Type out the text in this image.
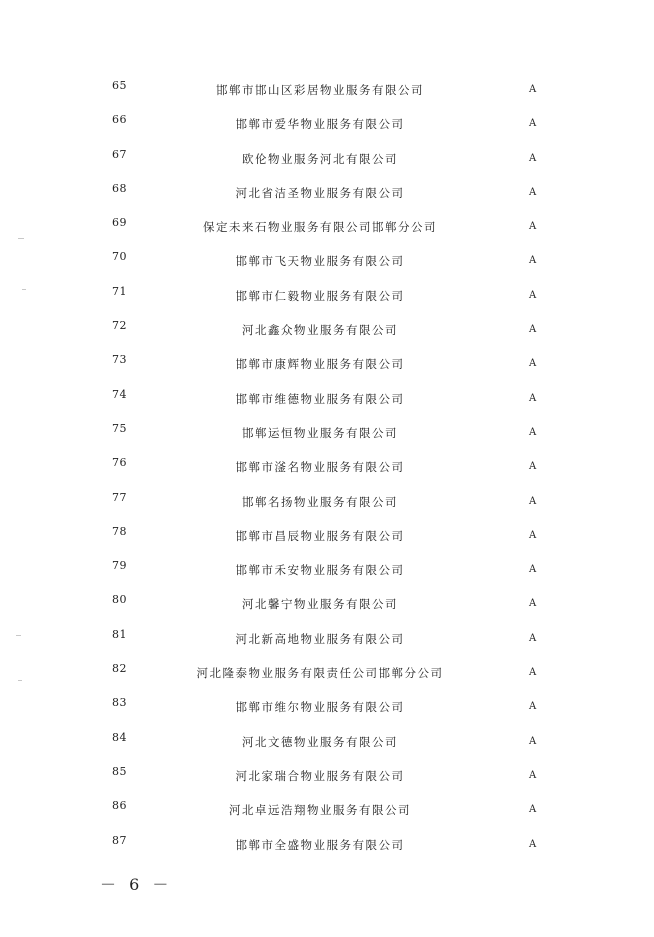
65	邯郸市邯山区彩居物业服务有限公司	A
66	邯郸市爱华物业服务有限公司	A
67	欧伦物业服务河北有限公司	A
68	河北省洁圣物业服务有限公司	A
69	保定未来石物业服务有限公司邯郸分公司	A
70	邯郸市飞天物业服务有限公司	A
71	邯郸市仁毅物业服务有限公司	A
72	河北鑫众物业服务有限公司	A
73	邯郸市康辉物业服务有限公司	A
74	邯郸市维德物业服务有限公司	A
75	邯郸运恒物业服务有限公司	A
76	邯郸市滏名物业服务有限公司	A
77	邯郸名扬物业服务有限公司	A
78	邯郸市昌辰物业服务有限公司	A
79	邯郸市禾安物业服务有限公司	A
80	河北馨宁物业服务有限公司	A
81	河北新高地物业服务有限公司	A
82	河北隆泰物业服务有限责任公司邯郸分公司	A
83	邯郸市维尔物业服务有限公司	A
84	河北文德物业服务有限公司	A
85	河北家瑞合物业服务有限公司	A
86	河北卓远浩翔物业服务有限公司	A
87	邯郸市全盛物业服务有限公司	A
－ 6 －
